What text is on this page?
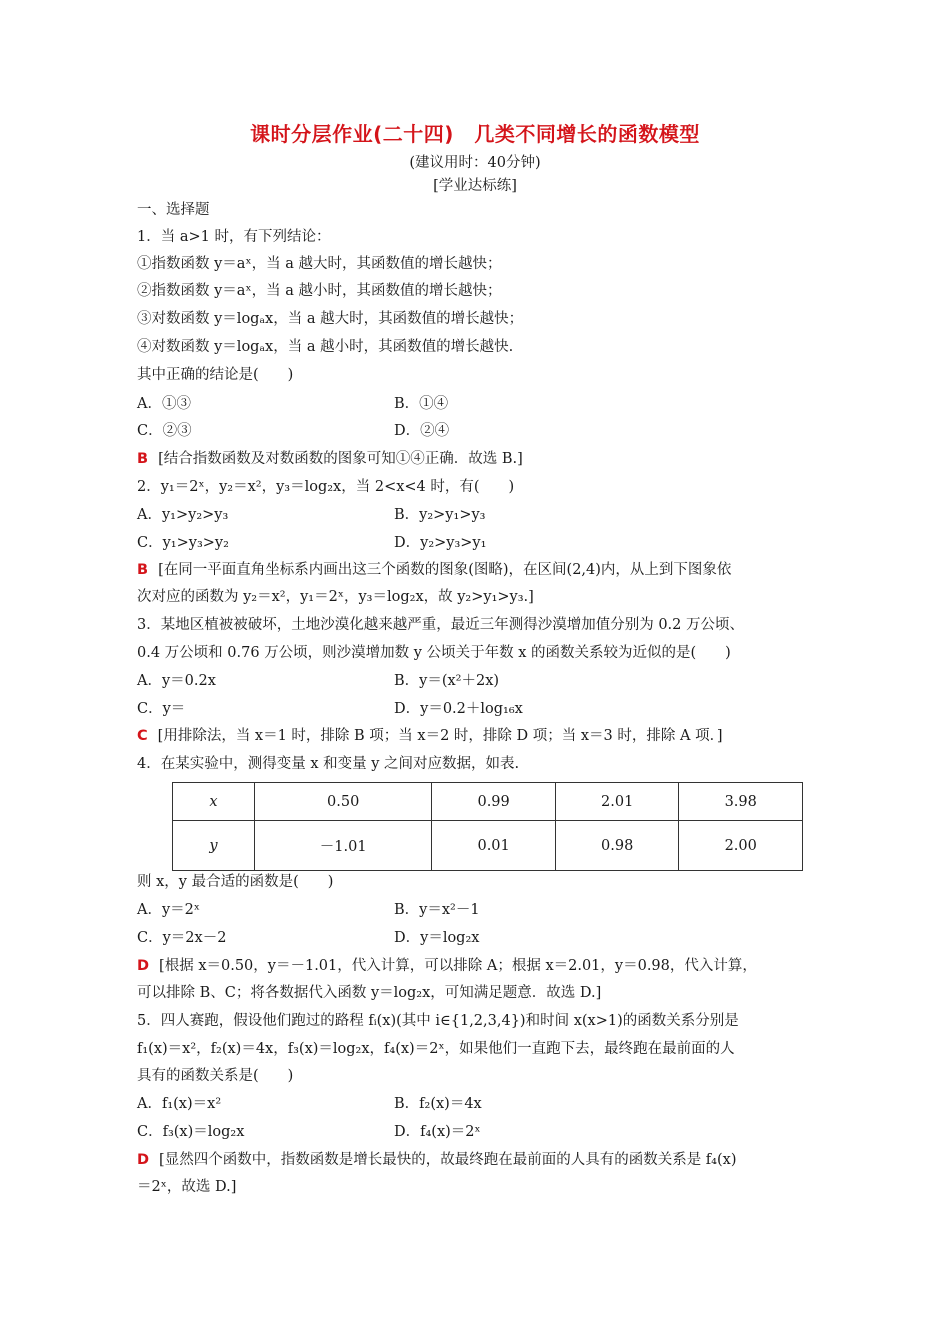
课时分层作业(二十四)　几类不同增长的函数模型
(建议用时：40分钟)
[学业达标练]
一、选择题
1．当 a>1 时，有下列结论：
①指数函数 y＝aˣ，当 a 越大时，其函数值的增长越快；
②指数函数 y＝aˣ，当 a 越小时，其函数值的增长越快；
③对数函数 y＝logₐx，当 a 越大时，其函数值的增长越快；
④对数函数 y＝logₐx，当 a 越小时，其函数值的增长越快.
其中正确的结论是(　　)
A．①③	B．①④
C．②③	D．②④
B [结合指数函数及对数函数的图象可知①④正确．故选 B.]
2．y₁＝2ˣ，y₂＝x²，y₃＝log₂x，当 2<x<4 时，有(　　)
A．y₁>y₂>y₃	B．y₂>y₁>y₃
C．y₁>y₃>y₂	D．y₂>y₃>y₁
B [在同一平面直角坐标系内画出这三个函数的图象(图略)，在区间(2,4)内，从上到下图象依
次对应的函数为 y₂＝x²，y₁＝2ˣ，y₃＝log₂x，故 y₂>y₁>y₃.]
3．某地区植被被破坏，土地沙漠化越来越严重，最近三年测得沙漠增加值分别为 0.2 万公顷、
0.4 万公顷和 0.76 万公顷，则沙漠增加数 y 公顷关于年数 x 的函数关系较为近似的是(　　)
A．y＝0.2x	B．y＝(x²＋2x)
C．y＝	D．y＝0.2＋log₁₆x
C [用排除法，当 x＝1 时，排除 B 项；当 x＝2 时，排除 D 项；当 x＝3 时，排除 A 项．]
4．在某实验中，测得变量 x 和变量 y 之间对应数据，如表.
x	0.50	0.99	2.01	3.98
y	－1.01	0.01	0.98	2.00
则 x，y 最合适的函数是(　　)
A．y＝2ˣ	B．y＝x²－1
C．y＝2x－2	D．y＝log₂x
D [根据 x＝0.50，y＝－1.01，代入计算，可以排除 A；根据 x＝2.01，y＝0.98，代入计算，
可以排除 B、C；将各数据代入函数 y＝log₂x，可知满足题意．故选 D.]
5．四人赛跑，假设他们跑过的路程 fᵢ(x)(其中 i∈{1,2,3,4})和时间 x(x>1)的函数关系分别是
f₁(x)＝x²，f₂(x)＝4x，f₃(x)＝log₂x，f₄(x)＝2ˣ，如果他们一直跑下去，最终跑在最前面的人
具有的函数关系是(　　)
A．f₁(x)＝x²	B．f₂(x)＝4x
C．f₃(x)＝log₂x	D．f₄(x)＝2ˣ
D [显然四个函数中，指数函数是增长最快的，故最终跑在最前面的人具有的函数关系是 f₄(x)
＝2ˣ，故选 D.]
